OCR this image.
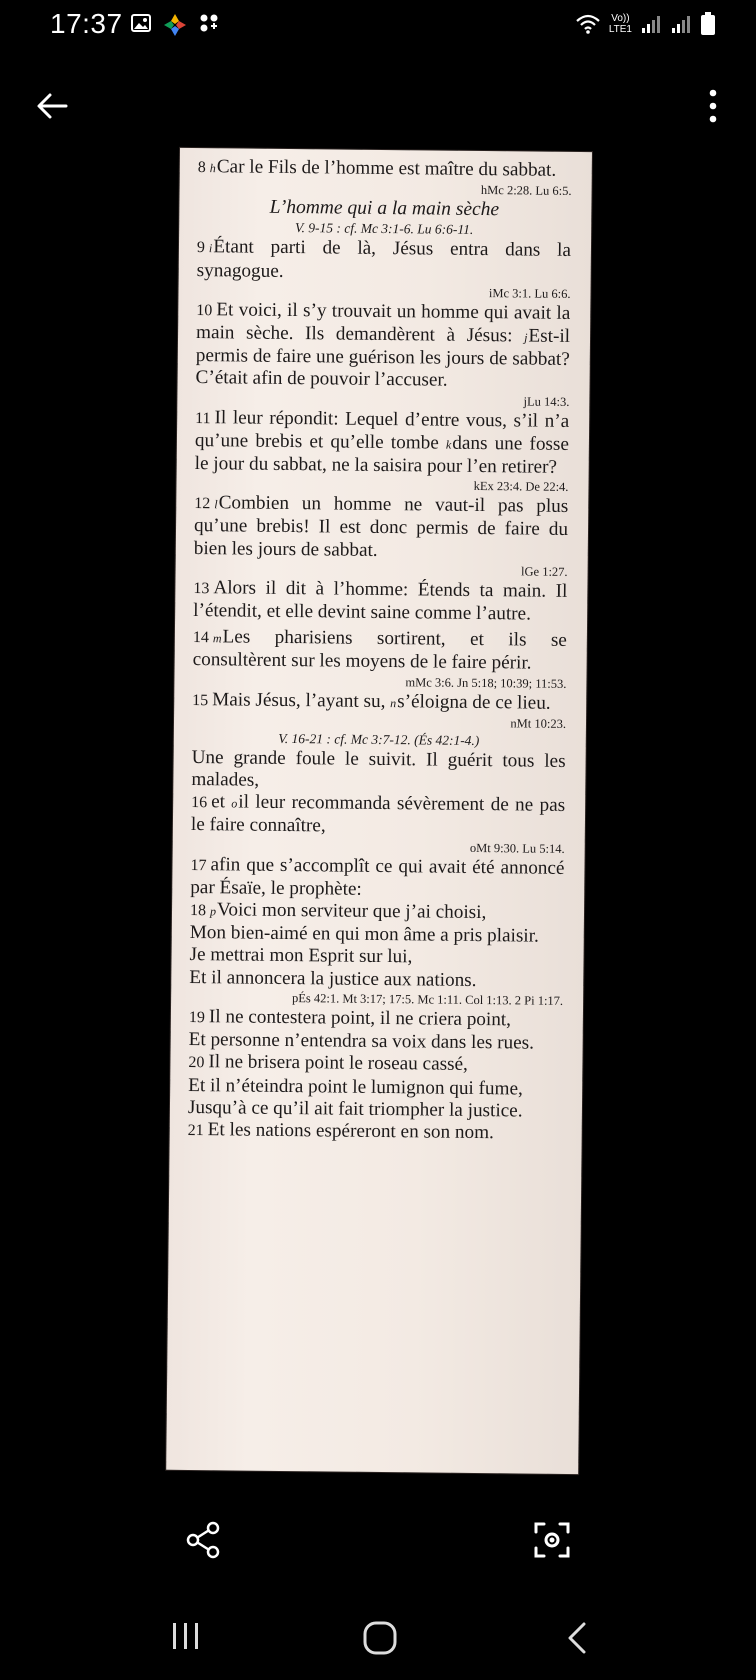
17:37	Vo))
LTE1

8 hCar le Fils de l’homme est maître du sabbat.

hMc 2:28. Lu 6:5.

L’homme qui a la main sèche

V. 9-15 : cf. Mc 3:1-6. Lu 6:6-11.

9 iÉtant parti de là, Jésus entra dans la synagogue.

iMc 3:1. Lu 6:6.

10 Et voici, il s’y trouvait un homme qui avait la main sèche. Ils demandèrent à Jésus: jEst-il permis de faire une guérison les jours de sabbat? C’était afin de pouvoir l’accuser.

jLu 14:3.

11 Il leur répondit: Lequel d’entre vous, s’il n’a qu’une brebis et qu’elle tombe kdans une fosse le jour du sabbat, ne la saisira pour l’en retirer?

kEx 23:4. De 22:4.

12 lCombien un homme ne vaut-il pas plus qu’une brebis! Il est donc permis de faire du bien les jours de sabbat.

lGe 1:27.

13 Alors il dit à l’homme: Étends ta main. Il l’étendit, et elle devint saine comme l’autre.

14 mLes pharisiens sortirent, et ils se consultèrent sur les moyens de le faire périr.

mMc 3:6. Jn 5:18; 10:39; 11:53.

15 Mais Jésus, l’ayant su, ns’éloigna de ce lieu.

nMt 10:23.

V. 16-21 : cf. Mc 3:7-12. (És 42:1-4.)

Une grande foule le suivit. Il guérit tous les malades,

16 et oil leur recommanda sévèrement de ne pas le faire connaître,

oMt 9:30. Lu 5:14.

17 afin que s’accomplît ce qui avait été annoncé par Ésaïe, le prophète:

18 pVoici mon serviteur que j’ai choisi,

Mon bien-aimé en qui mon âme a pris plaisir.

Je mettrai mon Esprit sur lui,

Et il annoncera la justice aux nations.

pÉs 42:1. Mt 3:17; 17:5. Mc 1:11. Col 1:13. 2 Pi 1:17.

19 Il ne contestera point, il ne criera point,

Et personne n’entendra sa voix dans les rues.

20 Il ne brisera point le roseau cassé,

Et il n’éteindra point le lumignon qui fume,

Jusqu’à ce qu’il ait fait triompher la justice.

21 Et les nations espéreront en son nom.
